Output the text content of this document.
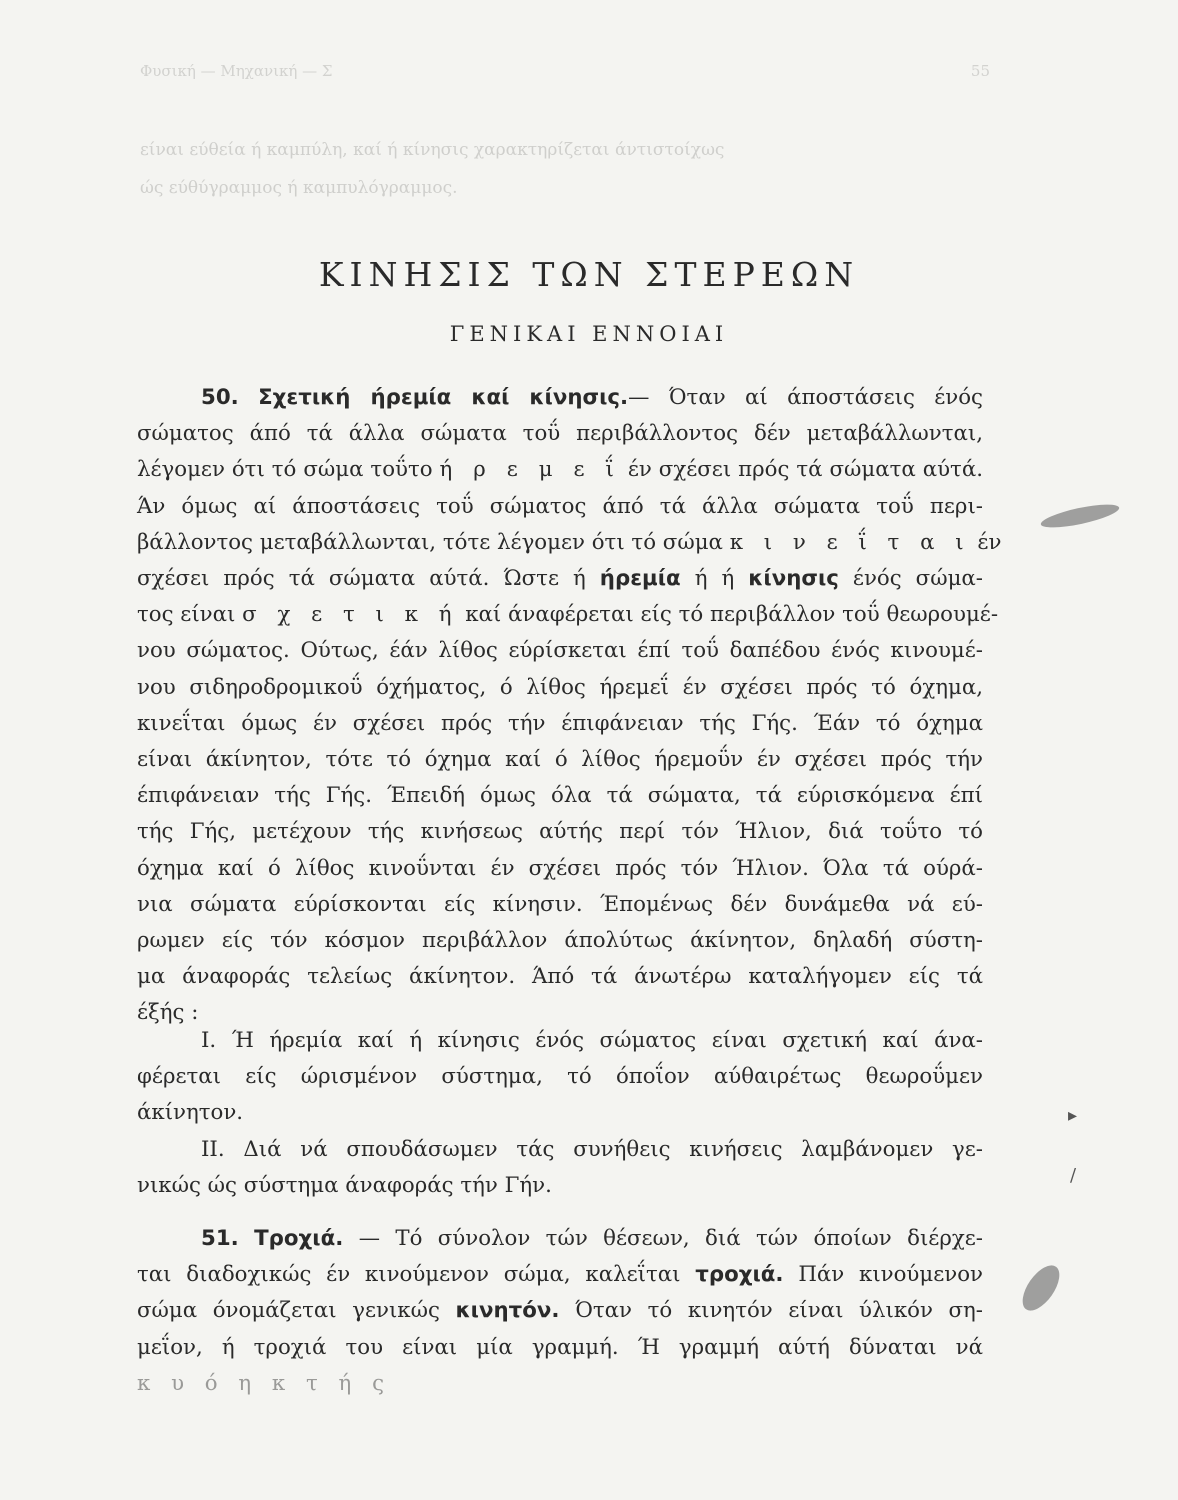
Φυσική — Μηχανική — Σ	55
είναι εύθεία ή καμπύλη, καί ή κίνησις χαρακτηρίζεται άντιστοίχως
ώς εύθύγραμμος ή καμπυλόγραμμος.
ΚΙΝΗΣΙΣ ΤΩΝ ΣΤΕΡΕΩΝ
ΓΕΝΙΚΑΙ ΕΝΝΟΙΑΙ
50. Σχετική ήρεμία καί κίνησις.— Όταν αί άποστάσεις ένός
σώματος άπό τά άλλα σώματα τοΰ περιβάλλοντος δέν μεταβάλλωνται,
λέγομεν ότι τό σώμα τοΰτο ή ρ ε μ ε ΐ έν σχέσει πρός τά σώματα αύτά.
Άν όμως αί άποστάσεις τοΰ σώματος άπό τά άλλα σώματα τοΰ περι-
βάλλοντος μεταβάλλωνται, τότε λέγομεν ότι τό σώμα κ ι ν ε ΐ τ α ι έν
σχέσει πρός τά σώματα αύτά. Ώστε ή ήρεμία ή ή κίνησις ένός σώμα-
τος είναι σ χ ε τ ι κ ή καί άναφέρεται είς τό περιβάλλον τοΰ θεωρουμέ-
νου σώματος. Ούτως, έάν λίθος εύρίσκεται έπί τοΰ δαπέδου ένός κινουμέ-
νου σιδηροδρομικοΰ όχήματος, ό λίθος ήρεμεΐ έν σχέσει πρός τό όχημα,
κινεΐται όμως έν σχέσει πρός τήν έπιφάνειαν τής Γής. Έάν τό όχημα
είναι άκίνητον, τότε τό όχημα καί ό λίθος ήρεμοΰν έν σχέσει πρός τήν
έπιφάνειαν τής Γής. Έπειδή όμως όλα τά σώματα, τά εύρισκόμενα έπί
τής Γής, μετέχουν τής κινήσεως αύτής περί τόν Ήλιον, διά τοΰτο τό
όχημα καί ό λίθος κινοΰνται έν σχέσει πρός τόν Ήλιον. Όλα τά ούρά-
νια σώματα εύρίσκονται είς κίνησιν. Έπομένως δέν δυνάμεθα νά εύ-
ρωμεν είς τόν κόσμον περιβάλλον άπολύτως άκίνητον, δηλαδή σύστη-
μα άναφοράς τελείως άκίνητον. Άπό τά άνωτέρω καταλήγομεν είς τά
έξής :
Ι. Ή ήρεμία καί ή κίνησις ένός σώματος είναι σχετική καί άνα-
φέρεται είς ώρισμένον σύστημα, τό όποΐον αύθαιρέτως θεωροΰμεν
άκίνητον.
ΙΙ. Διά νά σπουδάσωμεν τάς συνήθεις κινήσεις λαμβάνομεν γε-
νικώς ώς σύστημα άναφοράς τήν Γήν.
51. Τροχιά. — Τό σύνολον τών θέσεων, διά τών όποίων διέρχε-
ται διαδοχικώς έν κινούμενον σώμα, καλεΐται τροχιά. Πάν κινούμενον
σώμα όνομάζεται γενικώς κινητόν. Όταν τό κινητόν είναι ύλικόν ση-
μεΐον, ή τροχιά του είναι μία γραμμή. Ή γραμμή αύτή δύναται νά
κ υ ό η κ τ ή ς
▸
/
